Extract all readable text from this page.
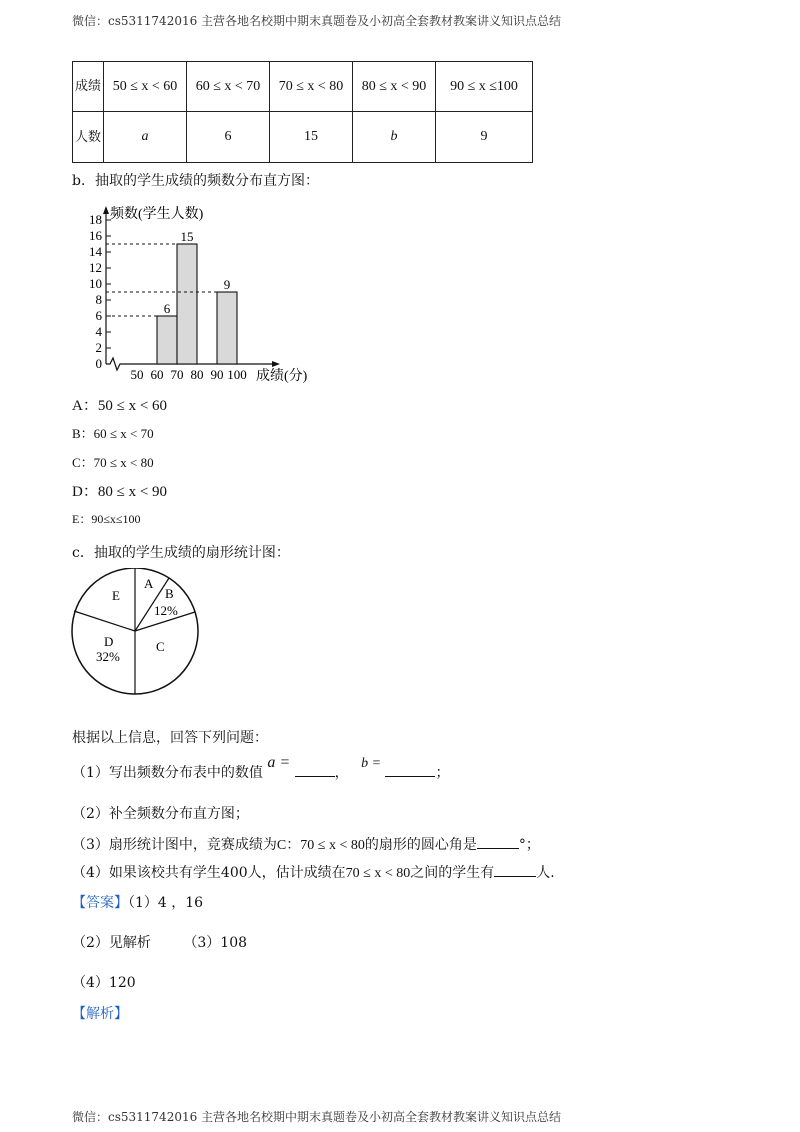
微信：cs5311742016 主营各地名校期中期末真题卷及小初高全套教材教案讲义知识点总结
成绩	50 ≤ x < 60	60 ≤ x < 70	70 ≤ x < 80	80 ≤ x < 90	90 ≤ x ≤100
人数	a	6	15	b	9
b．抽取的学生成绩的频数分布直方图：
0
2
4
6
8
10
12
14
16
18
50 60 70 80 90 100
频数(学生人数)
成绩(分)
6
15
9
A：50 ≤ x < 60
B：60 ≤ x < 70
C：70 ≤ x < 80
D：80 ≤ x < 90
E：90≤x≤100
c．抽取的学生成绩的扇形统计图：
A
B
12%
C
D
32%
E
根据以上信息，回答下列问题：
（1）写出频数分布表中的数值 a = ， b = ；
（2）补全频数分布直方图；
（3）扇形统计图中，竞赛成绩为C：70 ≤ x < 80的扇形的圆心角是	°；
（4）如果该校共有学生400人，估计成绩在70 ≤ x < 80之间的学生有	人.
【答案】（1）4 ，16
（2）见解析 （3）108
（4）120
【解析】
微信：cs5311742016 主营各地名校期中期末真题卷及小初高全套教材教案讲义知识点总结
